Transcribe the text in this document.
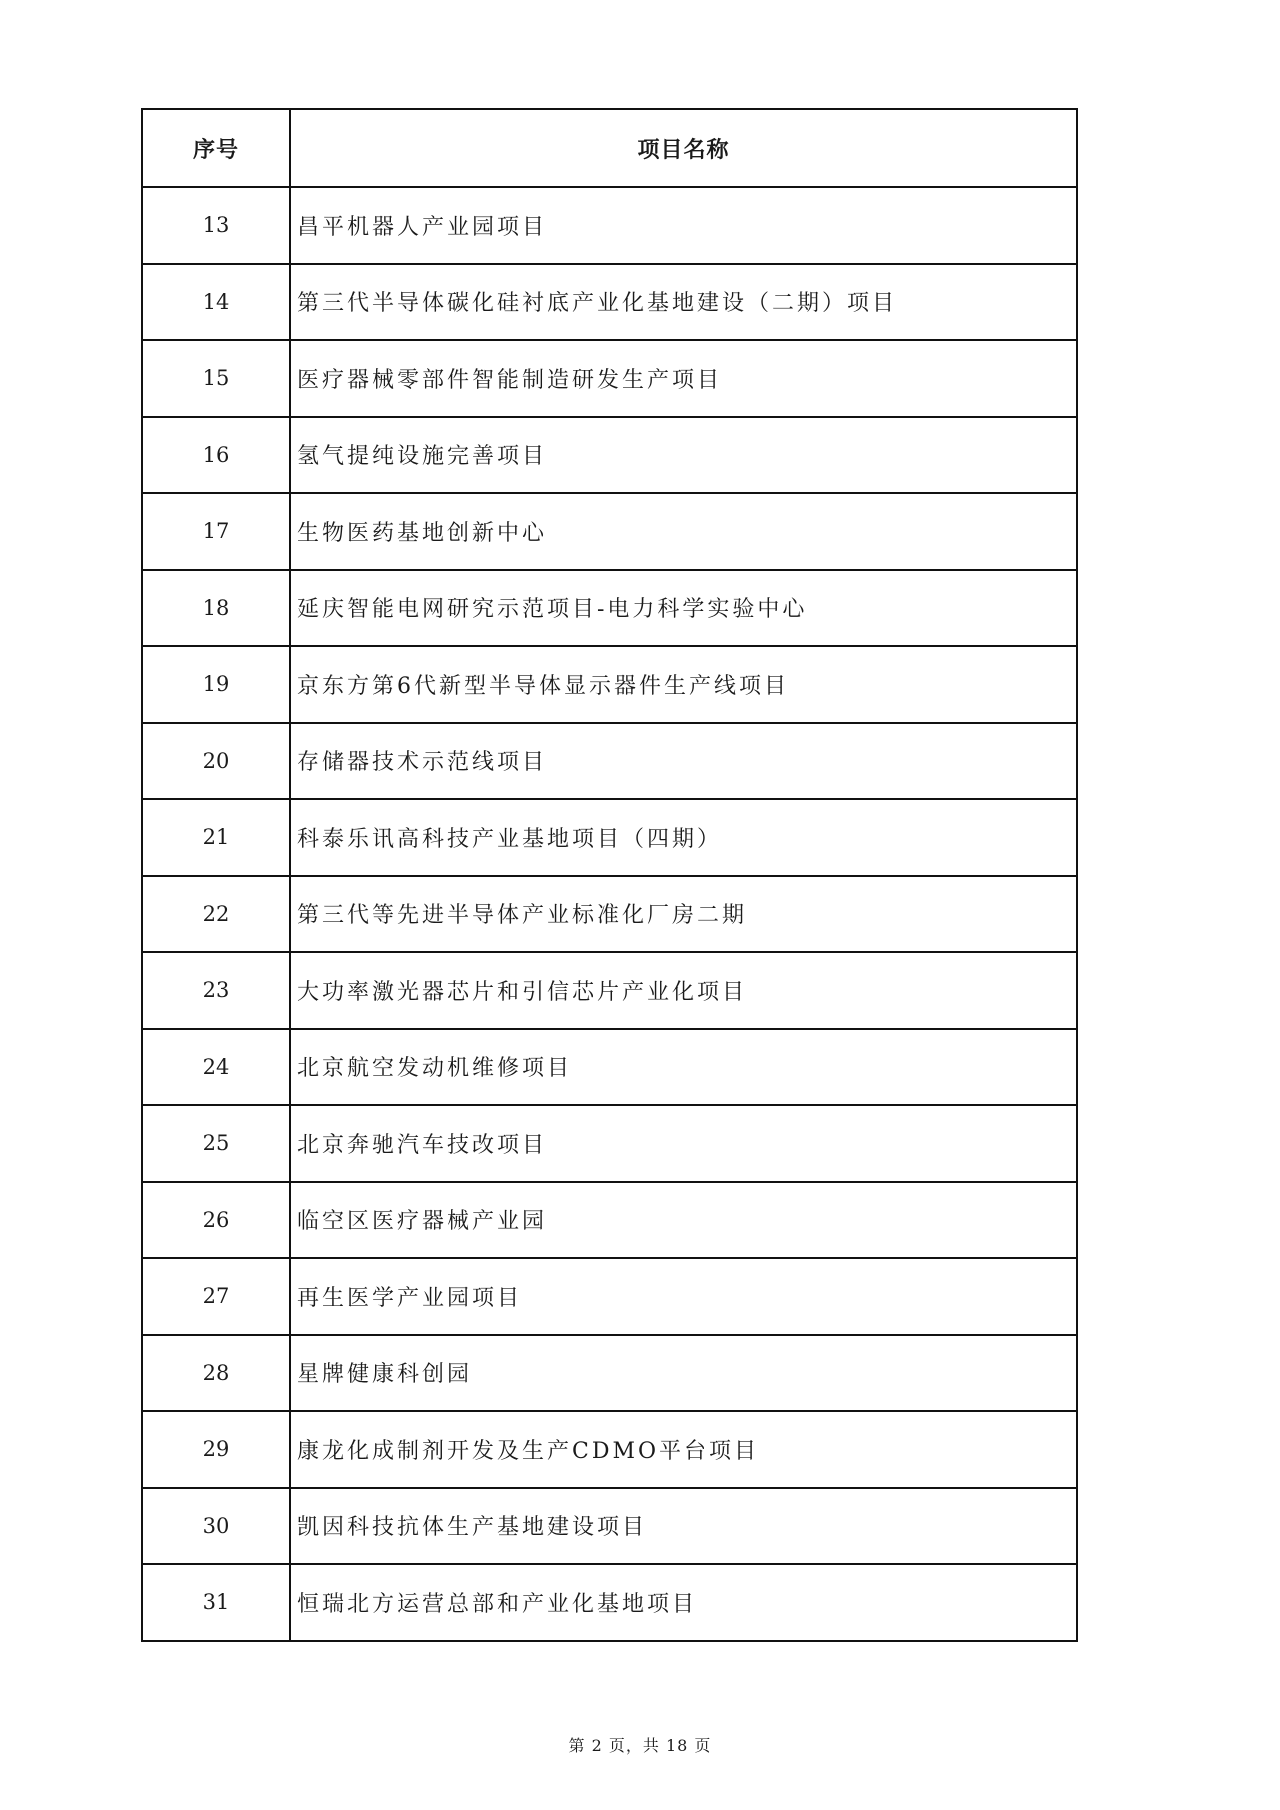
序号	项目名称
13	昌平机器人产业园项目
14	第三代半导体碳化硅衬底产业化基地建设（二期）项目
15	医疗器械零部件智能制造研发生产项目
16	氢气提纯设施完善项目
17	生物医药基地创新中心
18	延庆智能电网研究示范项目-电力科学实验中心
19	京东方第6代新型半导体显示器件生产线项目
20	存储器技术示范线项目
21	科泰乐讯高科技产业基地项目（四期）
22	第三代等先进半导体产业标准化厂房二期
23	大功率激光器芯片和引信芯片产业化项目
24	北京航空发动机维修项目
25	北京奔驰汽车技改项目
26	临空区医疗器械产业园
27	再生医学产业园项目
28	星牌健康科创园
29	康龙化成制剂开发及生产CDMO平台项目
30	凯因科技抗体生产基地建设项目
31	恒瑞北方运营总部和产业化基地项目
第 2 页，共 18 页
